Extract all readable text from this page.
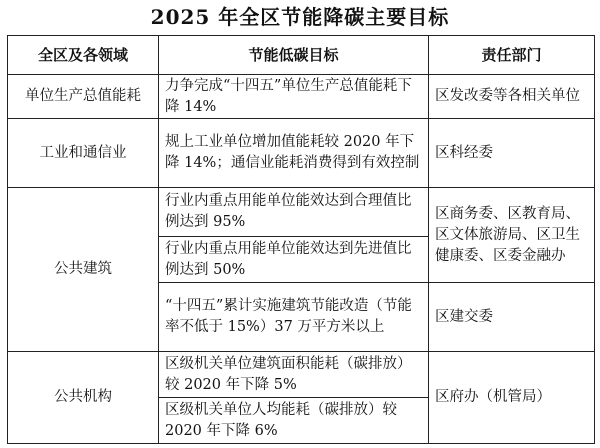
2025 年全区节能降碳主要目标
全区及各领域	节能低碳目标	责任部门
单位生产总值能耗	力争完成“十四五”单位生产总值能耗下降 14%	区发改委等各相关单位
工业和通信业	规上工业单位增加值能耗较 2020 年下降 14%；通信业能耗消费得到有效控制	区科经委
公共建筑	行业内重点用能单位能效达到合理值比例达到 95%	区商务委、区教育局、区文体旅游局、区卫生健康委、区委金融办
	行业内重点用能单位能效达到先进值比例达到 50%	
	“十四五”累计实施建筑节能改造（节能率不低于 15%）37 万平方米以上	区建交委
公共机构	区级机关单位建筑面积能耗（碳排放）较 2020 年下降 5%	区府办（机管局）
	区级机关单位人均能耗（碳排放）较 2020 年下降 6%	
